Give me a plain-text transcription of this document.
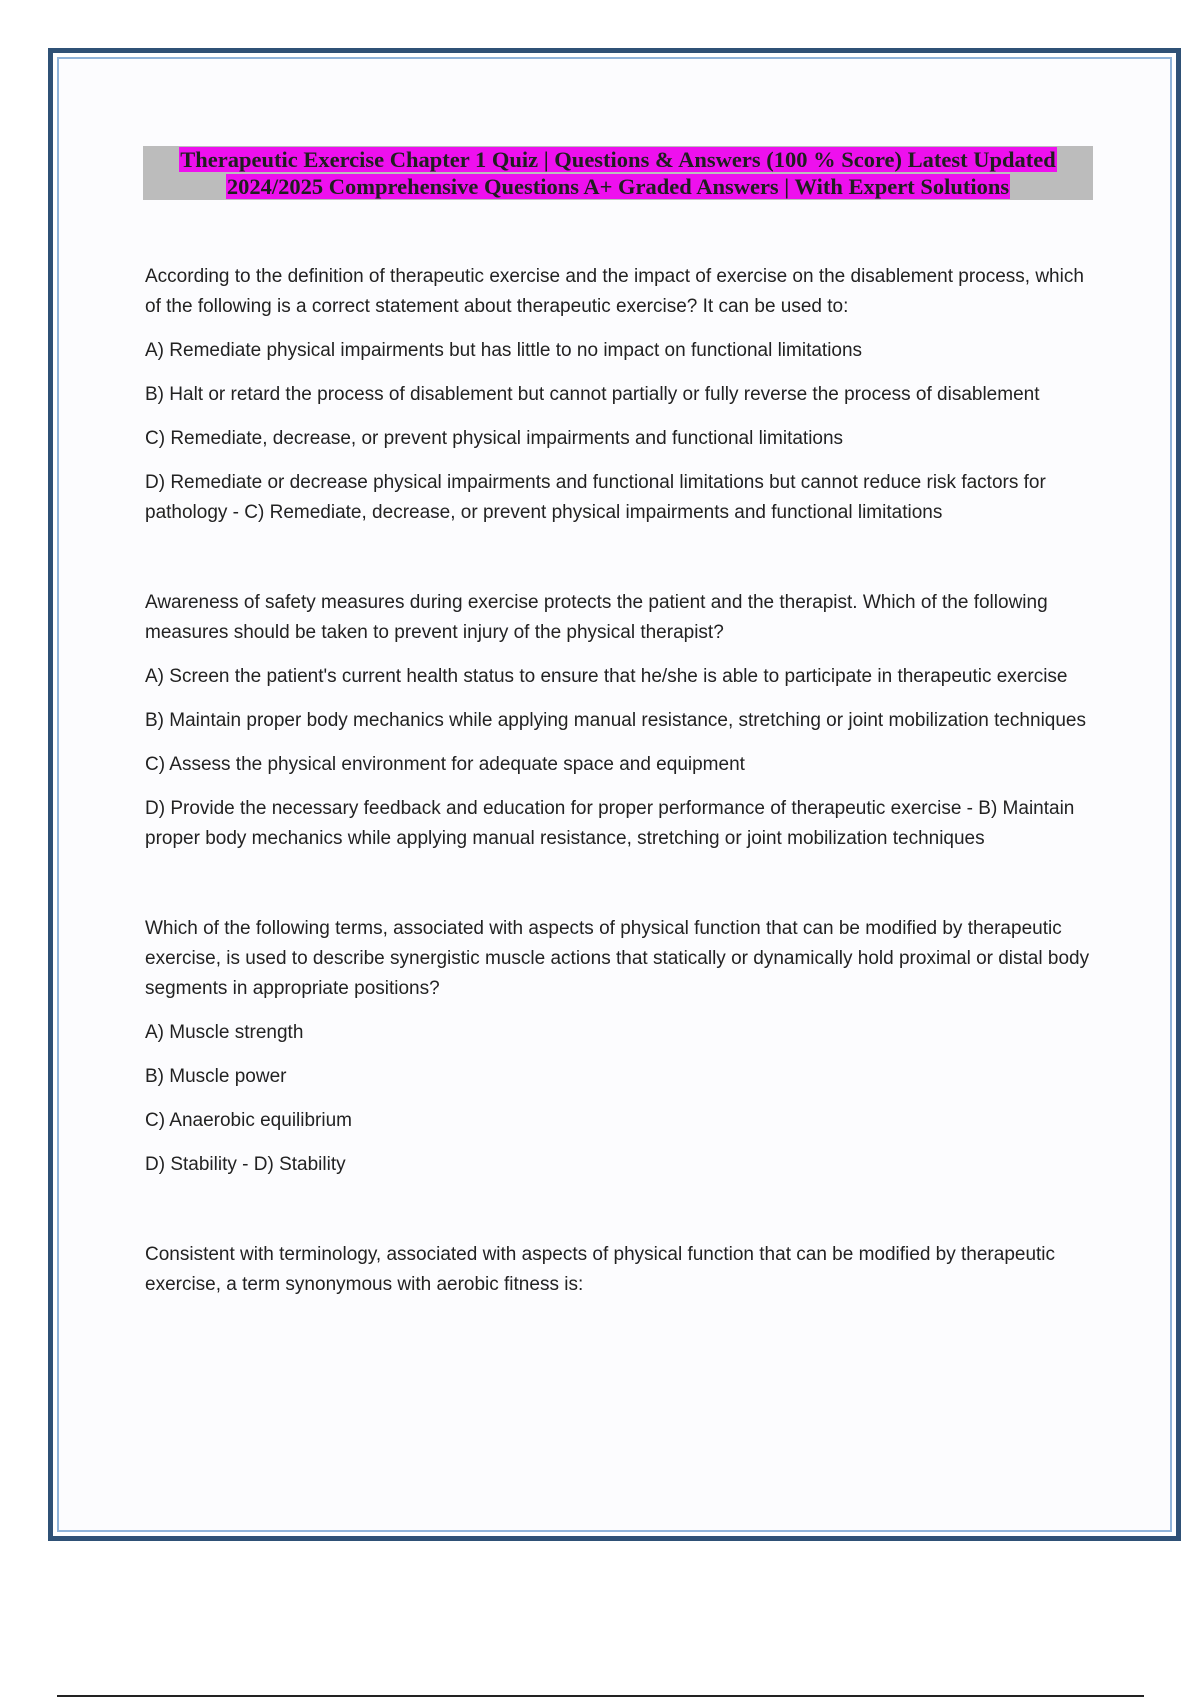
Therapeutic Exercise Chapter 1 Quiz | Questions & Answers (100 % Score) Latest Updated
2024/2025 Comprehensive Questions A+ Graded Answers | With Expert Solutions

According to the definition of therapeutic exercise and the impact of exercise on the disablement process, which of the following is a correct statement about therapeutic exercise? It can be used to:

A) Remediate physical impairments but has little to no impact on functional limitations

B) Halt or retard the process of disablement but cannot partially or fully reverse the process of disablement

C) Remediate, decrease, or prevent physical impairments and functional limitations

D) Remediate or decrease physical impairments and functional limitations but cannot reduce risk factors for pathology - C) Remediate, decrease, or prevent physical impairments and functional limitations

Awareness of safety measures during exercise protects the patient and the therapist. Which of the following measures should be taken to prevent injury of the physical therapist?

A) Screen the patient's current health status to ensure that he/she is able to participate in therapeutic exercise

B) Maintain proper body mechanics while applying manual resistance, stretching or joint mobilization techniques

C) Assess the physical environment for adequate space and equipment

D) Provide the necessary feedback and education for proper performance of therapeutic exercise - B) Maintain proper body mechanics while applying manual resistance, stretching or joint mobilization techniques

Which of the following terms, associated with aspects of physical function that can be modified by therapeutic exercise, is used to describe synergistic muscle actions that statically or dynamically hold proximal or distal body segments in appropriate positions?

A) Muscle strength

B) Muscle power

C) Anaerobic equilibrium

D) Stability - D) Stability

Consistent with terminology, associated with aspects of physical function that can be modified by therapeutic exercise, a term synonymous with aerobic fitness is:
